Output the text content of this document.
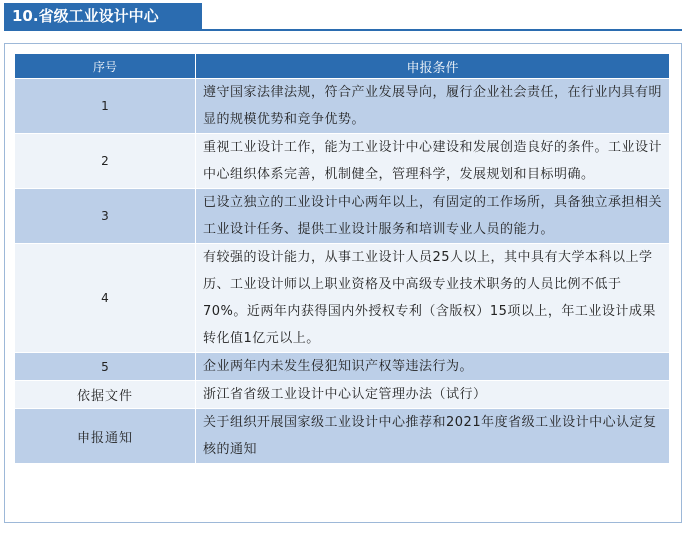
10.省级工业设计中心
序号	申报条件
1	遵守国家法律法规，符合产业发展导向，履行企业社会责任，在行业内具有明显的规模优势和竞争优势。
2	重视工业设计工作，能为工业设计中心建设和发展创造良好的条件。工业设计中心组织体系完善，机制健全，管理科学，发展规划和目标明确。
3	已设立独立的工业设计中心两年以上，有固定的工作场所，具备独立承担相关工业设计任务、提供工业设计服务和培训专业人员的能力。
4	有较强的设计能力，从事工业设计人员25人以上，其中具有大学本科以上学历、工业设计师以上职业资格及中高级专业技术职务的人员比例不低于70%。近两年内获得国内外授权专利（含版权）15项以上，年工业设计成果转化值1亿元以上。
5	企业两年内未发生侵犯知识产权等违法行为。
依据文件	浙江省省级工业设计中心认定管理办法（试行）
申报通知	关于组织开展国家级工业设计中心推荐和2021年度省级工业设计中心认定复核的通知
